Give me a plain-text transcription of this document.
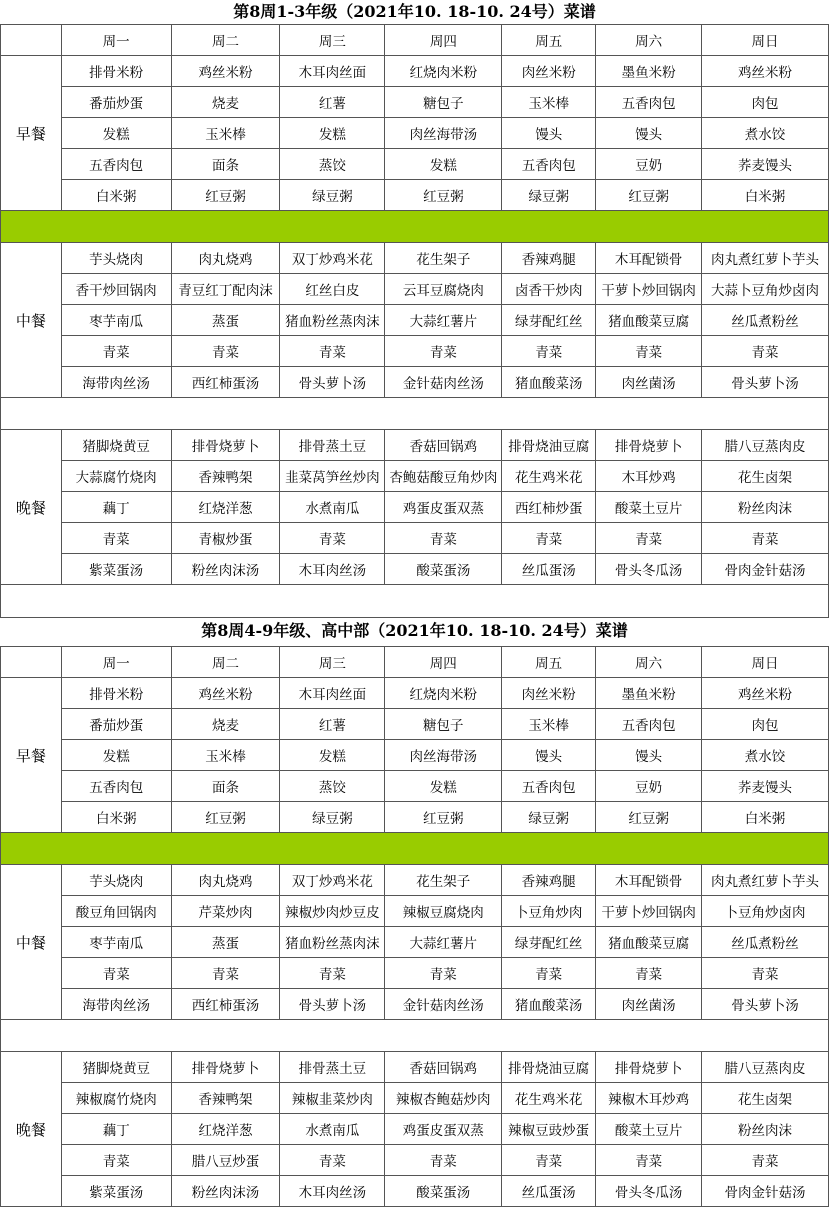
第8周1-3年级（2021年10. 18-10. 24号）菜谱
	周一	周二	周三	周四	周五	周六	周日
早餐	排骨米粉	鸡丝米粉	木耳肉丝面	红烧肉米粉	肉丝米粉	墨鱼米粉	鸡丝米粉
	番茄炒蛋	烧麦	红薯	糖包子	玉米棒	五香肉包	肉包
	发糕	玉米棒	发糕	肉丝海带汤	馒头	馒头	煮水饺
	五香肉包	面条	蒸饺	发糕	五香肉包	豆奶	荞麦馒头
	白米粥	红豆粥	绿豆粥	红豆粥	绿豆粥	红豆粥	白米粥

中餐	芋头烧肉	肉丸烧鸡	双丁炒鸡米花	花生架子	香辣鸡腿	木耳配锁骨	肉丸煮红萝卜芋头
	香干炒回锅肉	青豆红丁配肉沫	红丝白皮	云耳豆腐烧肉	卤香干炒肉	干萝卜炒回锅肉	大蒜卜豆角炒卤肉
	枣芋南瓜	蒸蛋	猪血粉丝蒸肉沫	大蒜红薯片	绿芽配红丝	猪血酸菜豆腐	丝瓜煮粉丝
	青菜	青菜	青菜	青菜	青菜	青菜	青菜
	海带肉丝汤	西红柿蛋汤	骨头萝卜汤	金针菇肉丝汤	猪血酸菜汤	肉丝菌汤	骨头萝卜汤

晚餐	猪脚烧黄豆	排骨烧萝卜	排骨蒸土豆	香菇回锅鸡	排骨烧油豆腐	排骨烧萝卜	腊八豆蒸肉皮
	大蒜腐竹烧肉	香辣鸭架	韭菜莴笋丝炒肉	杏鲍菇酸豆角炒肉	花生鸡米花	木耳炒鸡	花生卤架
	藕丁	红烧洋葱	水煮南瓜	鸡蛋皮蛋双蒸	西红柿炒蛋	酸菜土豆片	粉丝肉沫
	青菜	青椒炒蛋	青菜	青菜	青菜	青菜	青菜
	紫菜蛋汤	粉丝肉沫汤	木耳肉丝汤	酸菜蛋汤	丝瓜蛋汤	骨头冬瓜汤	骨肉金针菇汤

第8周4-9年级、高中部（2021年10. 18-10. 24号）菜谱
	周一	周二	周三	周四	周五	周六	周日
早餐	排骨米粉	鸡丝米粉	木耳肉丝面	红烧肉米粉	肉丝米粉	墨鱼米粉	鸡丝米粉
	番茄炒蛋	烧麦	红薯	糖包子	玉米棒	五香肉包	肉包
	发糕	玉米棒	发糕	肉丝海带汤	馒头	馒头	煮水饺
	五香肉包	面条	蒸饺	发糕	五香肉包	豆奶	荞麦馒头
	白米粥	红豆粥	绿豆粥	红豆粥	绿豆粥	红豆粥	白米粥

中餐	芋头烧肉	肉丸烧鸡	双丁炒鸡米花	花生架子	香辣鸡腿	木耳配锁骨	肉丸煮红萝卜芋头
	酸豆角回锅肉	芹菜炒肉	辣椒炒肉炒豆皮	辣椒豆腐烧肉	卜豆角炒肉	干萝卜炒回锅肉	卜豆角炒卤肉
	枣芋南瓜	蒸蛋	猪血粉丝蒸肉沫	大蒜红薯片	绿芽配红丝	猪血酸菜豆腐	丝瓜煮粉丝
	青菜	青菜	青菜	青菜	青菜	青菜	青菜
	海带肉丝汤	西红柿蛋汤	骨头萝卜汤	金针菇肉丝汤	猪血酸菜汤	肉丝菌汤	骨头萝卜汤

晚餐	猪脚烧黄豆	排骨烧萝卜	排骨蒸土豆	香菇回锅鸡	排骨烧油豆腐	排骨烧萝卜	腊八豆蒸肉皮
	辣椒腐竹烧肉	香辣鸭架	辣椒韭菜炒肉	辣椒杏鲍菇炒肉	花生鸡米花	辣椒木耳炒鸡	花生卤架
	藕丁	红烧洋葱	水煮南瓜	鸡蛋皮蛋双蒸	辣椒豆豉炒蛋	酸菜土豆片	粉丝肉沫
	青菜	腊八豆炒蛋	青菜	青菜	青菜	青菜	青菜
	紫菜蛋汤	粉丝肉沫汤	木耳肉丝汤	酸菜蛋汤	丝瓜蛋汤	骨头冬瓜汤	骨肉金针菇汤
